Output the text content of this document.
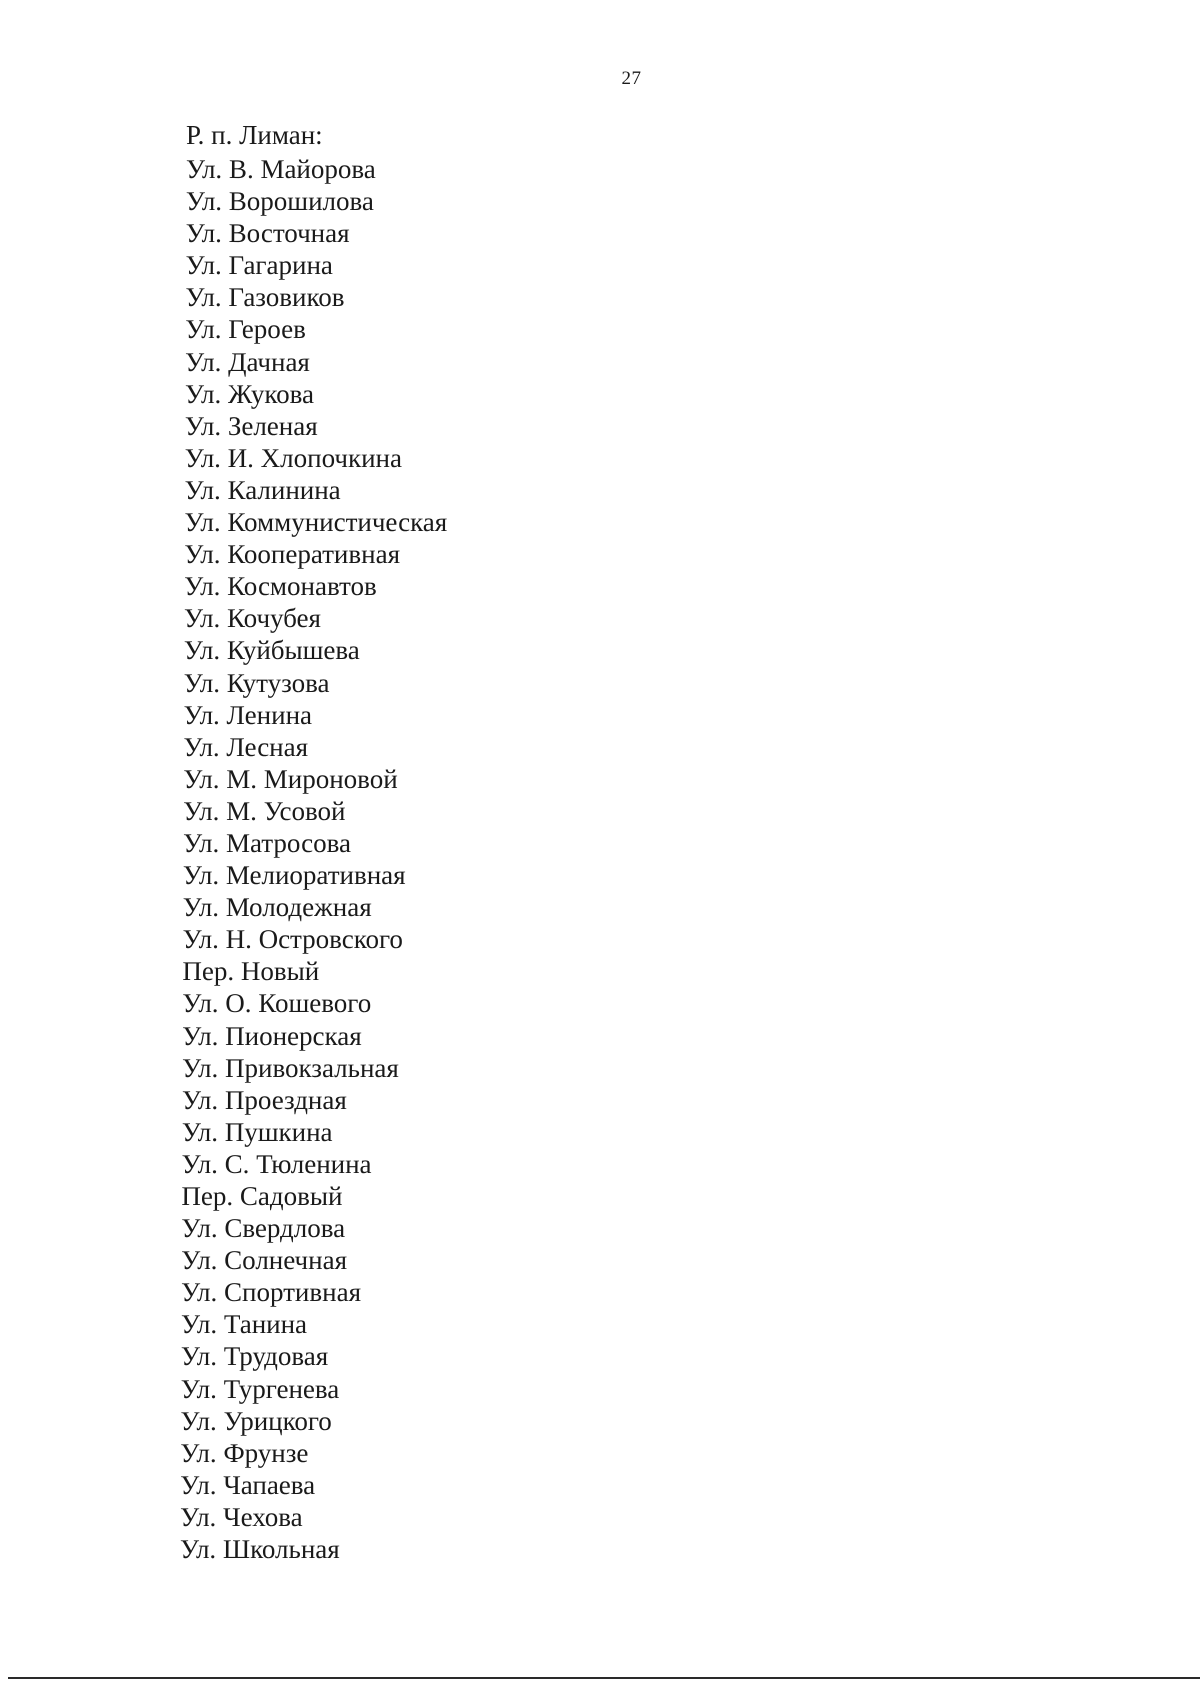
27
Р. п. Лиман:
Ул. В. Майорова
Ул. Ворошилова
Ул. Восточная
Ул. Гагарина
Ул. Газовиков
Ул. Героев
Ул. Дачная
Ул. Жукова
Ул. Зеленая
Ул. И. Хлопочкина
Ул. Калинина
Ул. Коммунистическая
Ул. Кооперативная
Ул. Космонавтов
Ул. Кочубея
Ул. Куйбышева
Ул. Кутузова
Ул. Ленина
Ул. Лесная
Ул. М. Мироновой
Ул. М. Усовой
Ул. Матросова
Ул. Мелиоративная
Ул. Молодежная
Ул. Н. Островского
Пер. Новый
Ул. О. Кошевого
Ул. Пионерская
Ул. Привокзальная
Ул. Проездная
Ул. Пушкина
Ул. С. Тюленина
Пер. Садовый
Ул. Свердлова
Ул. Солнечная
Ул. Спортивная
Ул. Танина
Ул. Трудовая
Ул. Тургенева
Ул. Урицкого
Ул. Фрунзе
Ул. Чапаева
Ул. Чехова
Ул. Школьная
